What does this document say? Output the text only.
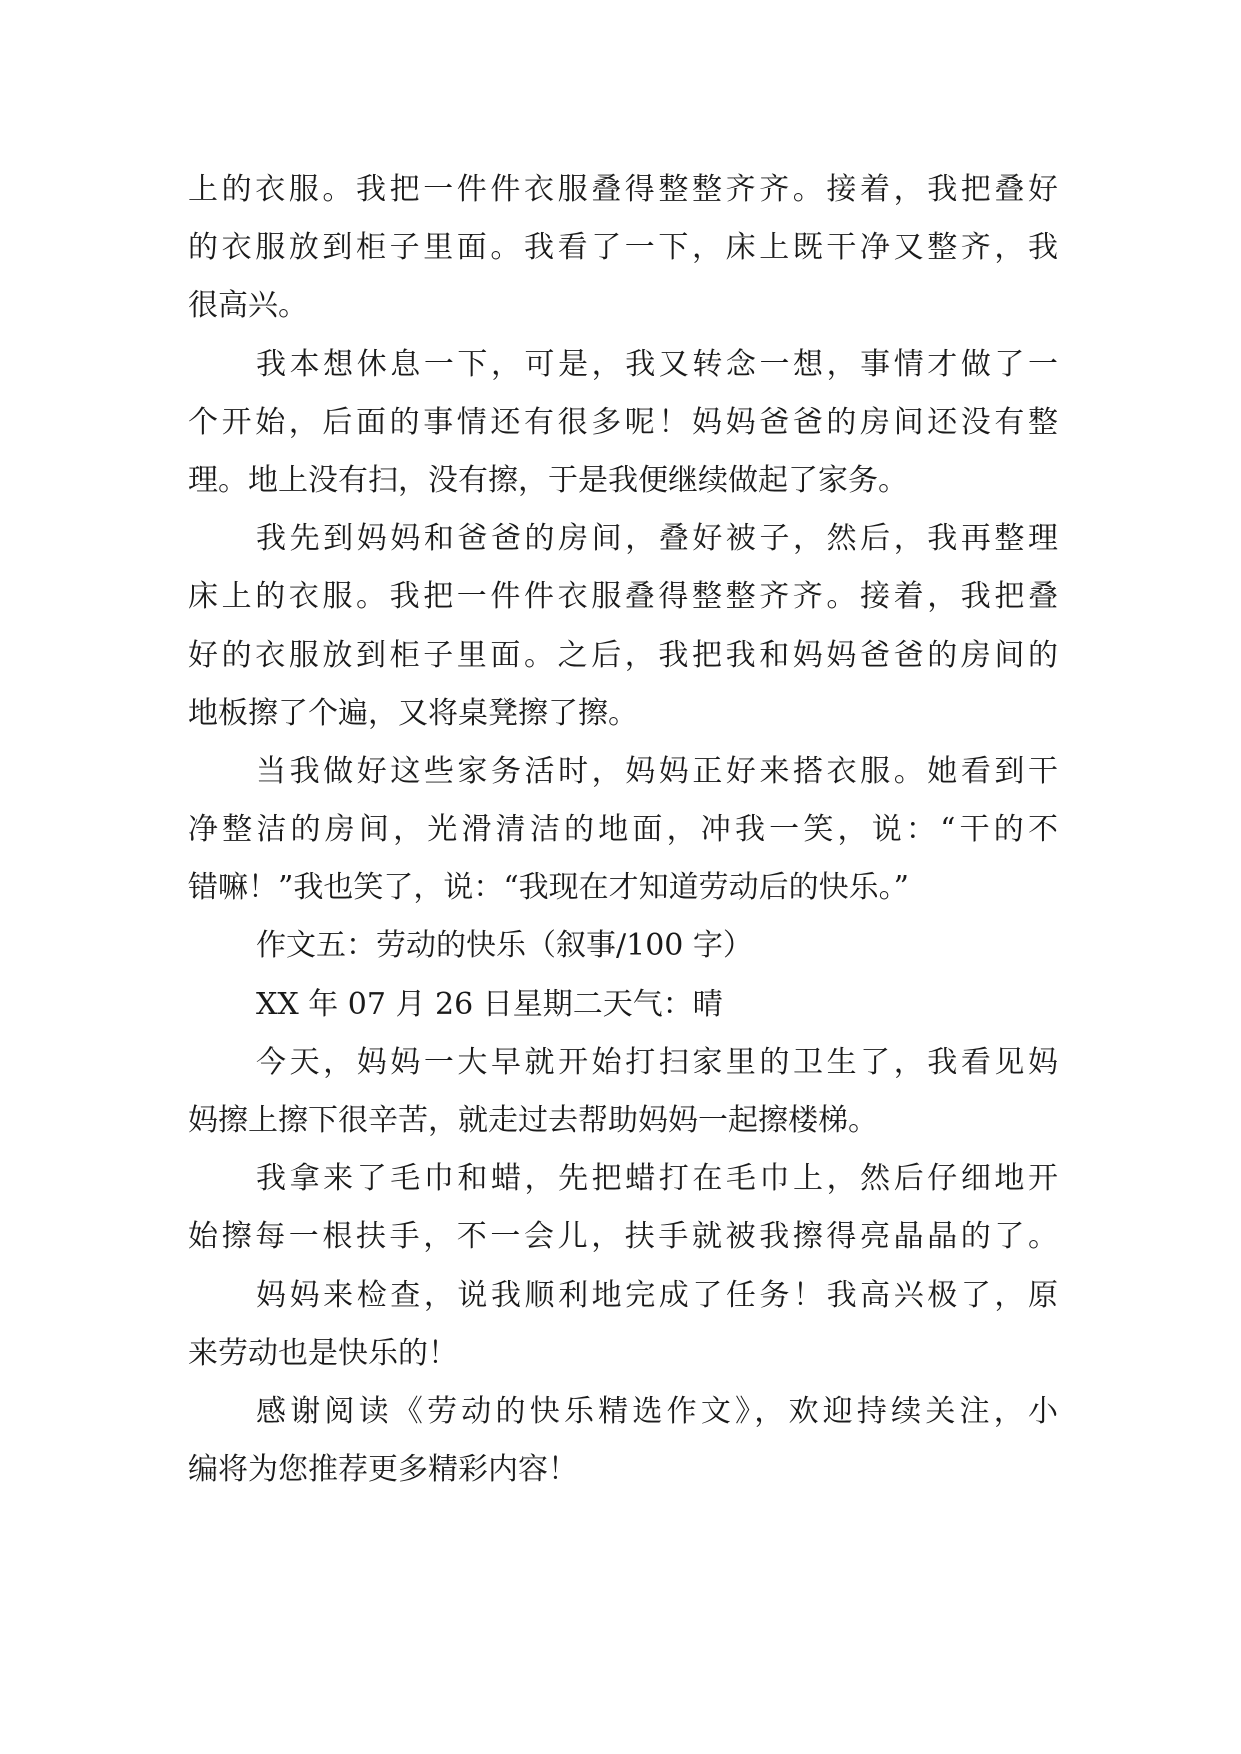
上的衣服。我把一件件衣服叠得整整齐齐。接着，我把叠好
的衣服放到柜子里面。我看了一下，床上既干净又整齐，我
很高兴。
我本想休息一下，可是，我又转念一想，事情才做了一
个开始，后面的事情还有很多呢！妈妈爸爸的房间还没有整
理。地上没有扫，没有擦，于是我便继续做起了家务。
我先到妈妈和爸爸的房间，叠好被子，然后，我再整理
床上的衣服。我把一件件衣服叠得整整齐齐。接着，我把叠
好的衣服放到柜子里面。之后，我把我和妈妈爸爸的房间的
地板擦了个遍，又将桌凳擦了擦。
当我做好这些家务活时，妈妈正好来搭衣服。她看到干
净整洁的房间，光滑清洁的地面，冲我一笑，说：“干的不
错嘛！”我也笑了，说：“我现在才知道劳动后的快乐。”
作文五：劳动的快乐（叙事/100 字）
XX 年 07 月 26 日星期二天气：晴
今天，妈妈一大早就开始打扫家里的卫生了，我看见妈
妈擦上擦下很辛苦，就走过去帮助妈妈一起擦楼梯。
我拿来了毛巾和蜡，先把蜡打在毛巾上，然后仔细地开
始擦每一根扶手，不一会儿，扶手就被我擦得亮晶晶的了。
妈妈来检查，说我顺利地完成了任务！我高兴极了，原
来劳动也是快乐的！
感谢阅读《劳动的快乐精选作文》，欢迎持续关注，小
编将为您推荐更多精彩内容！
